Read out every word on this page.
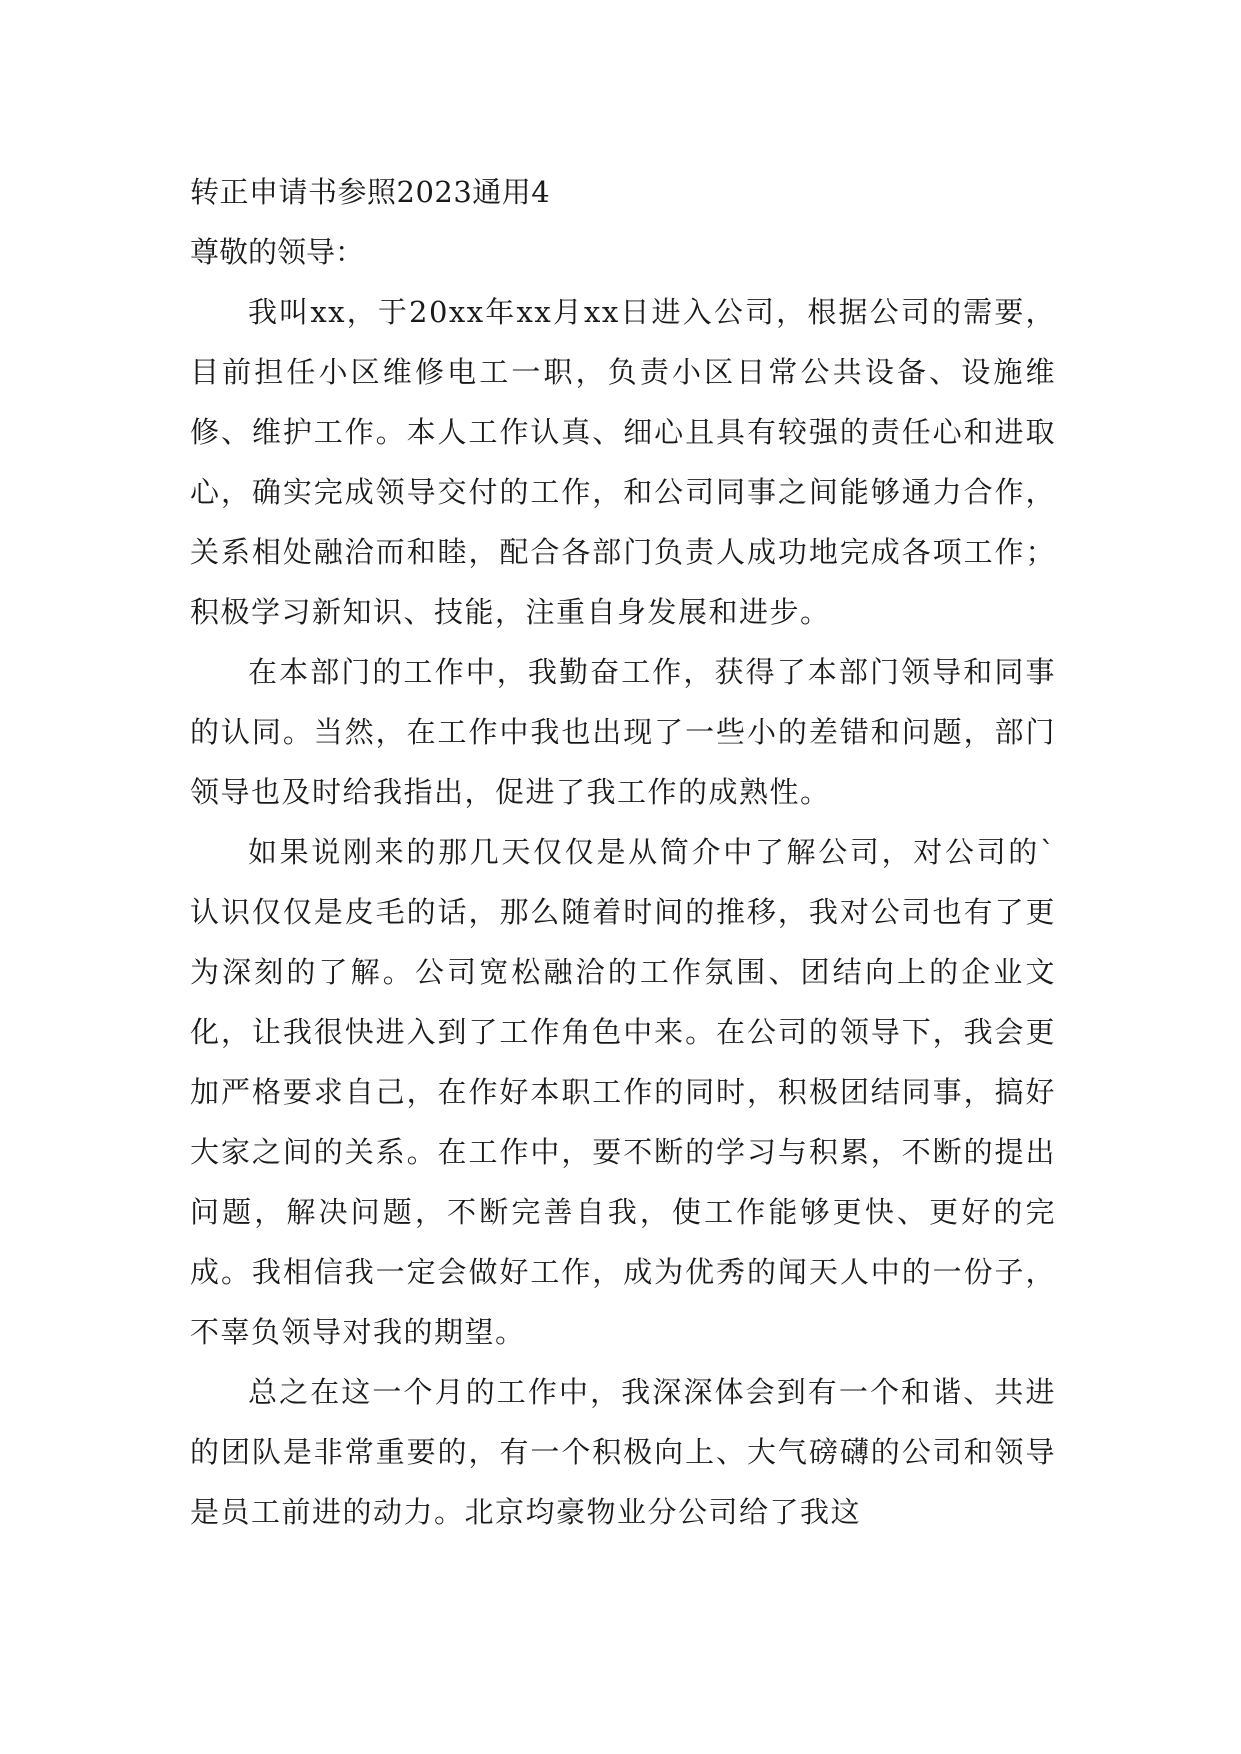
转正申请书参照2023通用4

尊敬的领导：

我叫xx，于20xx年xx月xx日进入公司，根据公司的需要，目前担任小区维修电工一职，负责小区日常公共设备、设施维修、维护工作。本人工作认真、细心且具有较强的责任心和进取心，确实完成领导交付的工作，和公司同事之间能够通力合作，关系相处融洽而和睦，配合各部门负责人成功地完成各项工作；积极学习新知识、技能，注重自身发展和进步。

在本部门的工作中，我勤奋工作，获得了本部门领导和同事的认同。当然，在工作中我也出现了一些小的差错和问题，部门领导也及时给我指出，促进了我工作的成熟性。

如果说刚来的那几天仅仅是从简介中了解公司，对公司的`认识仅仅是皮毛的话，那么随着时间的推移，我对公司也有了更为深刻的了解。公司宽松融洽的工作氛围、团结向上的企业文化，让我很快进入到了工作角色中来。在公司的领导下，我会更加严格要求自己，在作好本职工作的同时，积极团结同事，搞好大家之间的关系。在工作中，要不断的学习与积累，不断的提出问题，解决问题，不断完善自我，使工作能够更快、更好的完成。我相信我一定会做好工作，成为优秀的闻天人中的一份子，不辜负领导对我的期望。

总之在这一个月的工作中，我深深体会到有一个和谐、共进的团队是非常重要的，有一个积极向上、大气磅礴的公司和领导是员工前进的动力。北京均豪物业分公司给了我这
